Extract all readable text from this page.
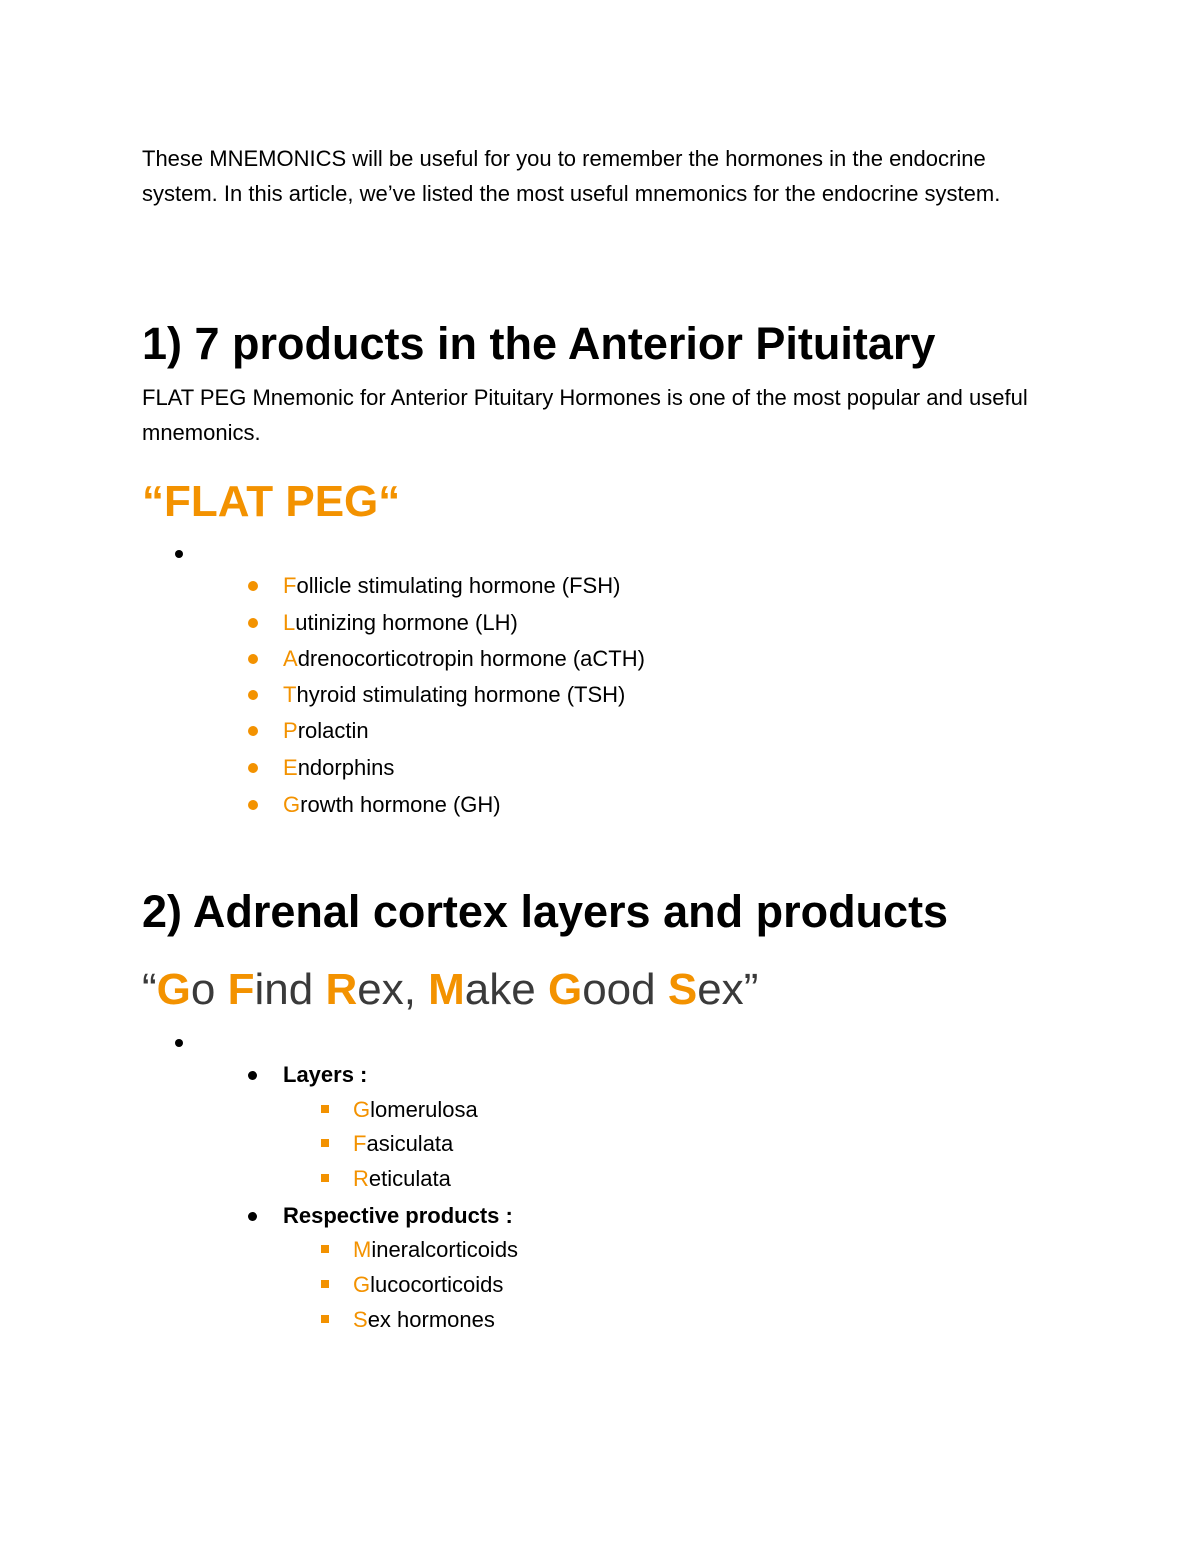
These MNEMONICS will be useful for you to remember the hormones in the endocrine system. In this article, we’ve listed the most useful mnemonics for the endocrine system.

1) 7 products in the Anterior Pituitary

FLAT PEG Mnemonic for Anterior Pituitary Hormones is one of the most popular and useful mnemonics.

“FLAT PEG“
Follicle stimulating hormone (FSH)
Lutinizing hormone (LH)
Adrenocorticotropin hormone (aCTH)
Thyroid stimulating hormone (TSH)
Prolactin
Endorphins
Growth hormone (GH)
2) Adrenal cortex layers and products
“Go Find Rex, Make Good Sex”
Layers :
Glomerulosa
Fasiculata
Reticulata
Respective products :
Mineralcorticoids
Glucocorticoids
Sex hormones
